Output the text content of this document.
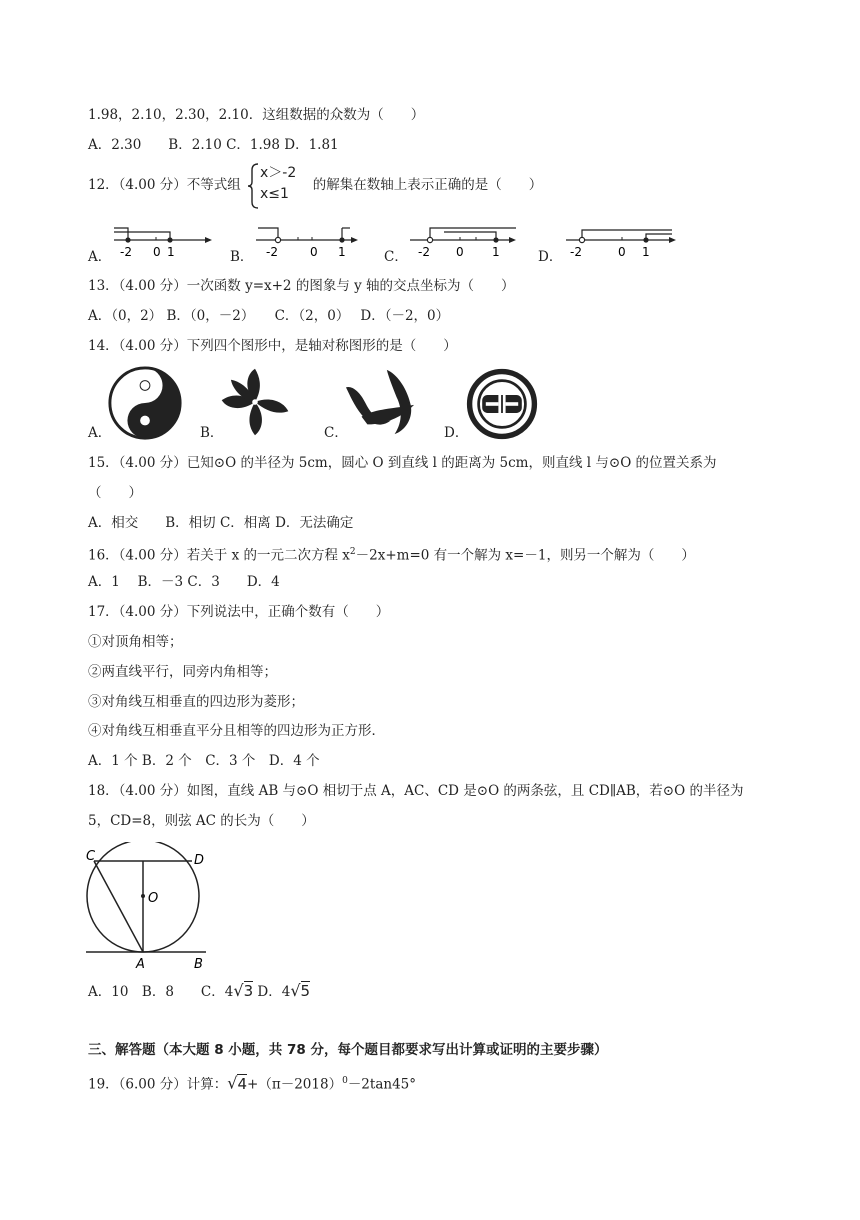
1.98，2.10，2.30，2.10．这组数据的众数为（　　）
A．2.30　　B．2.10 C．1.98 D．1.81
12．（4.00 分）不等式组	的解集在数轴上表示正确的是（　　）
x＞-2
x≤1
A． -2 0 1	B． -2	0 1	C． -2 0 1	D． -2	0 1
13．（4.00 分）一次函数 y=x+2 的图象与 y 轴的交点坐标为（　　）
A．（0，2） B．（0，－2）　　C．（2，0）　 D．（－2，0）
14．（4.00 分）下列四个图形中，是轴对称图形的是（　　）
A．	B．	C．	D．
15．（4.00 分）已知⊙O 的半径为 5cm，圆心 O 到直线 l 的距离为 5cm，则直线 l 与⊙O 的位置关系为
（　　）
A．相交　　B．相切 C．相离 D．无法确定
16．（4.00 分）若关于 x 的一元二次方程 $x^2-2x+m=0$ 有一个解为 x=－1，则另一个解为（　　）
A．1　 B．－3 C．3　　D．4
17．（4.00 分）下列说法中，正确个数有（　　）
①对顶角相等；
②两直线平行，同旁内角相等；
③对角线互相垂直的四边形为菱形；
④对角线互相垂直平分且相等的四边形为正方形．
A．1 个 B．2 个　C．3 个　D．4 个
18．（4.00 分）如图，直线 AB 与⊙O 相切于点 A，AC、CD 是⊙O 的两条弦，且 CD∥AB，若⊙O 的半径为
5，CD=8，则弦 AC 的长为（　　）
C	D
O
A	B
A．10　B．8　　C．4√3 D．4√5
三、解答题（本大题 8 小题，共 78 分，每个题目都要求写出计算或证明的主要步骤）
19．（6.00 分）计算：$√4+(\pi-2018)^0-2\tan 45^\circ$
